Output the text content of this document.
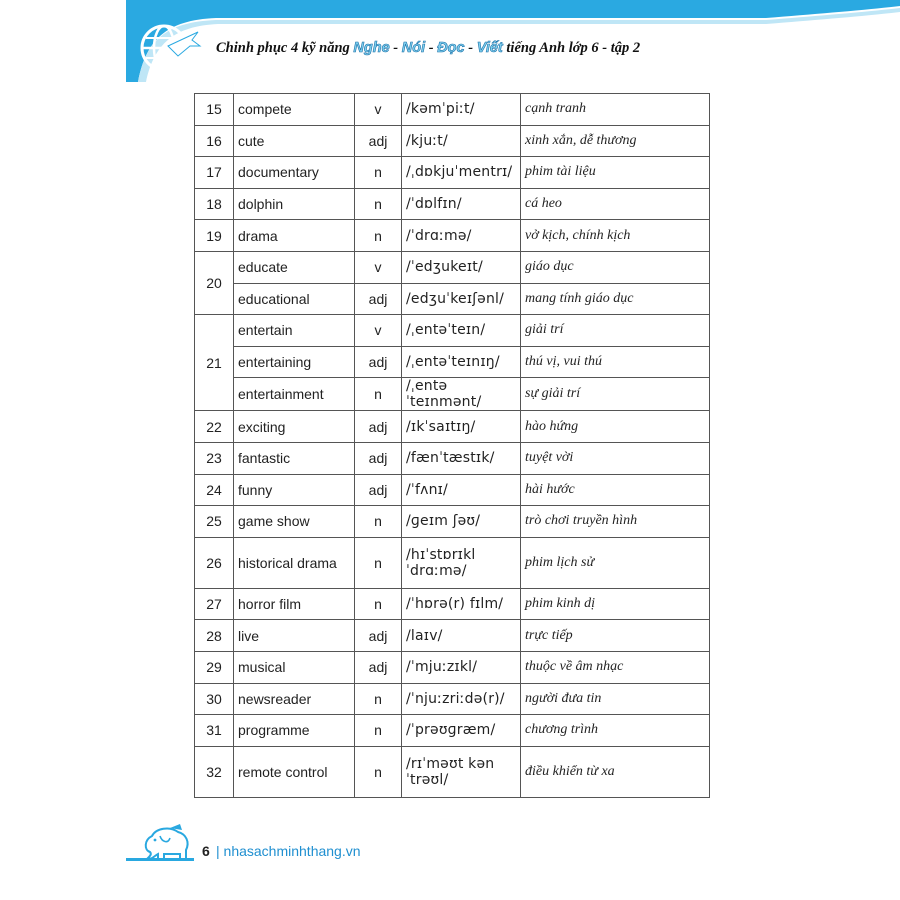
Chinh phục 4 kỹ năng Nghe - Nói - Đọc - Viết tiếng Anh lớp 6 - tập 2
15	compete	v	/kəmˈpiːt/	cạnh tranh
16	cute	adj	/kjuːt/	xinh xắn, dễ thương
17	documentary	n	/ˌdɒkjuˈmentrɪ/	phim tài liệu
18	dolphin	n	/ˈdɒlfɪn/	cá heo
19	drama	n	/ˈdrɑːmə/	vở kịch, chính kịch
20	educate	v	/ˈedʒukeɪt/	giáo dục
	educational	adj	/edʒuˈkeɪʃənl/	mang tính giáo dục
21	entertain	v	/ˌentəˈteɪn/	giải trí
	entertaining	adj	/ˌentəˈteɪnɪŋ/	thú vị, vui thú
	entertainment	n	/ˌentəˈteɪnmənt/	sự giải trí
22	exciting	adj	/ɪkˈsaɪtɪŋ/	hào hứng
23	fantastic	adj	/fænˈtæstɪk/	tuyệt vời
24	funny	adj	/ˈfʌnɪ/	hài hước
25	game show	n	/ɡeɪm ʃəʊ/	trò chơi truyền hình
26	historical drama	n	/hɪˈstɒrɪkl ˈdrɑːmə/	phim lịch sử
27	horror film	n	/ˈhɒrə(r) fɪlm/	phim kinh dị
28	live	adj	/laɪv/	trực tiếp
29	musical	adj	/ˈmjuːzɪkl/	thuộc về âm nhạc
30	newsreader	n	/ˈnjuːzriːdə(r)/	người đưa tin
31	programme	n	/ˈprəʊɡræm/	chương trình
32	remote control	n	/rɪˈməʊt kənˈtrəʊl/	điều khiển từ xa
6 | nhasachminhthang.vn
